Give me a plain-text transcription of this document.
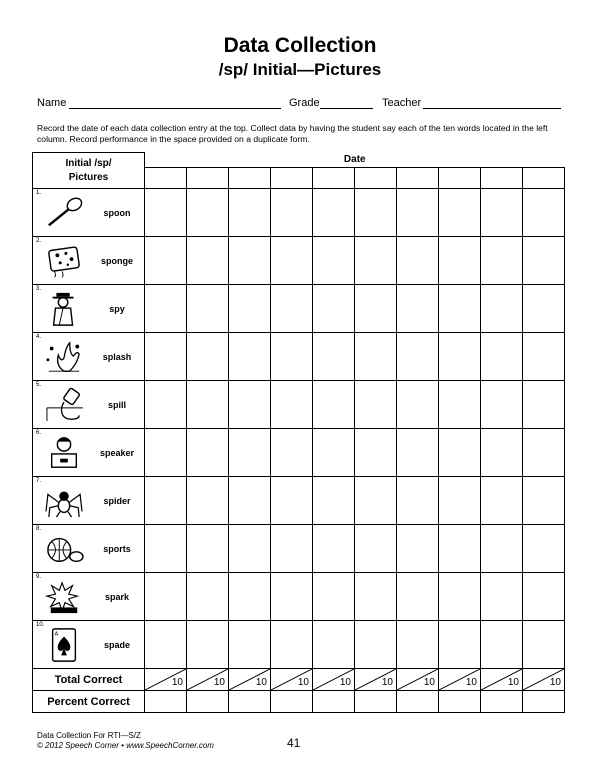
Data Collection
/sp/ Initial—Pictures
Name	Grade	Teacher
Record the date of each data collection entry at the top. Collect data by having the student say each of the ten words located in the left column. Record performance in the space provided on a duplicate form.
Initial /sp/
Pictures	Date									

1.
spoon										

2.
sponge										

3.
spy										

4.
splash										

5.
spill										

6.
speaker										

7.
spider										

8.
sports										

9.
spark										

10.
A
spade										

Total Correct	10	10	10	10	10	10	10	10	10	10

Percent Correct										
Data Collection For RTI—S/Z
© 2012 Speech Corner • www.SpeechCorner.com	41
